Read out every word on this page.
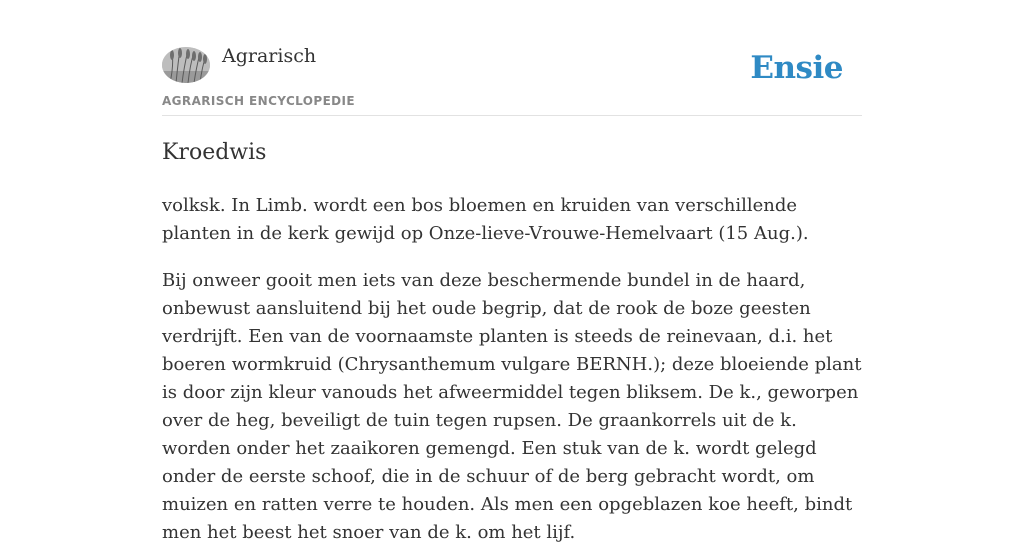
Agrarisch
AGRARISCH ENCYCLOPEDIE
Ensie
Kroedwis

volksk. In Limb. wordt een bos bloemen en kruiden van verschillende planten in de kerk gewijd op Onze-lieve-Vrouwe-Hemelvaart (15 Aug.).

Bij onweer gooit men iets van deze beschermende bundel in de haard, onbewust aansluitend bij het oude begrip, dat de rook de boze geesten verdrijft. Een van de voornaamste planten is steeds de reinevaan, d.i. het boeren wormkruid (Chrysanthemum vulgare BERNH.); deze bloeiende plant is door zijn kleur vanouds het afweermiddel tegen bliksem. De k., geworpen over de heg, beveiligt de tuin tegen rupsen. De graankorrels uit de k. worden onder het zaaikoren gemengd. Een stuk van de k. wordt gelegd onder de eerste schoof, die in de schuur of de berg gebracht wordt, om muizen en ratten verre te houden. Als men een opgeblazen koe heeft, bindt men het beest het snoer van de k. om het lijf.
